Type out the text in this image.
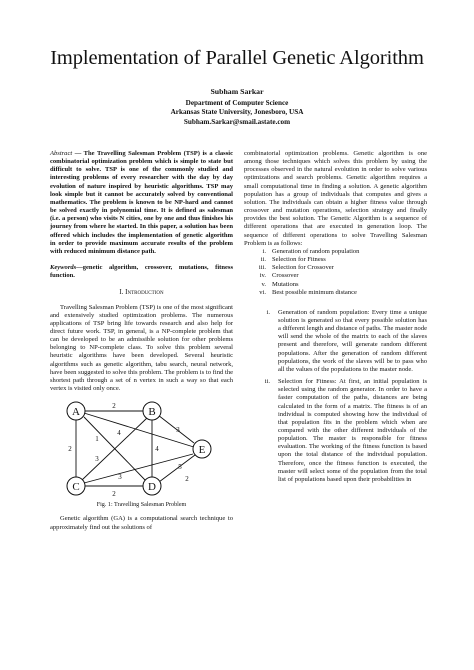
Implementation of Parallel Genetic Algorithm
Subham Sarkar
Department of Computer Science
Arkansas State University, Jonesboro, USA
Subham.Sarkar@smail.astate.com
Abstract — The Travelling Salesman Problem (TSP) is a classic combinatorial optimization problem which is simple to state but difficult to solve. TSP is one of the commonly studied and interesting problems of every researcher with the day by day evolution of nature inspired by heuristic algorithms. TSP may look simple but it cannot be accurately solved by conventional mathematics. The problem is known to be NP-hard and cannot be solved exactly in polynomial time. It is defined as salesman (i.e. a person) who visits N cities, one by one and thus finishes his journey from where he started. In this paper, a solution has been offered which includes the implementation of genetic algorithm in order to provide maximum accurate results of the problem with reduced minimum distance path.
Keywords—genetic algorithm, crossover, mutations, fitness function.
I. Introduction

Travelling Salesman Problem (TSP) is one of the most significant and extensively studied optimization problems. The numerous applications of TSP bring life towards research and also help for direct future work. TSP, in general, is a NP-complete problem that can be developed to be an admissible solution for other problems belonging to NP-complete class. To solve this problem several heuristic algorithms have been developed. Several heuristic algorithms such as genetic algorithm, tabu search, neural network, have been suggested to solve this problem. The problem is to find the shortest path through a set of n vertex in such a way so that each vertex is visited only once.

A	B
C	D
E
2
2
3
1
4
3
4
5
2
2
3
Fig. 1: Travelling Salesman Problem

Genetic algorithm (GA) is a computational search technique to approximately find out the solutions of

combinatorial optimization problems. Genetic algorithm is one among those techniques which solves this problem by using the processes observed in the natural evolution in order to solve various optimizations and search problems. Genetic algorithm requires a small computational time in finding a solution. A genetic algorithm population has a group of individuals that computes and gives a solution. The individuals can obtain a higher fitness value through crossover and mutation operations, selection strategy and finally provides the best solution. The Genetic Algorithm is a sequence of different operations that are executed in generation loop. The sequence of different operations to solve Travelling Salesman Problem is as follows:

i. Generation of random population
ii. Selection for Fitness
iii. Selection for Crossover
iv. Crossover
v. Mutations
vi. Best possible minimum distance
i.	Generation of random population: Every time a unique solution is generated so that every possible solution has a different length and distance of paths. The master node will send the whole of the matrix to each of the slaves present and therefore, will generate random different populations. After the generation of random different populations, the work of the slaves will be to pass who all the values of the populations to the master node.
ii.	Selection for Fitness: At first, an initial population is selected using the random generator. In order to have a faster computation of the paths, distances are being calculated in the form of a matrix. The fitness is of an individual is computed showing how the individual of that population fits in the problem which when are compared with the other different individuals of the population. The master is responsible for fitness evaluation. The working of the fitness function is based upon the total distance of the individual population. Therefore, once the fitness function is executed, the master will select some of the population from the total list of populations based upon their probabilities in
